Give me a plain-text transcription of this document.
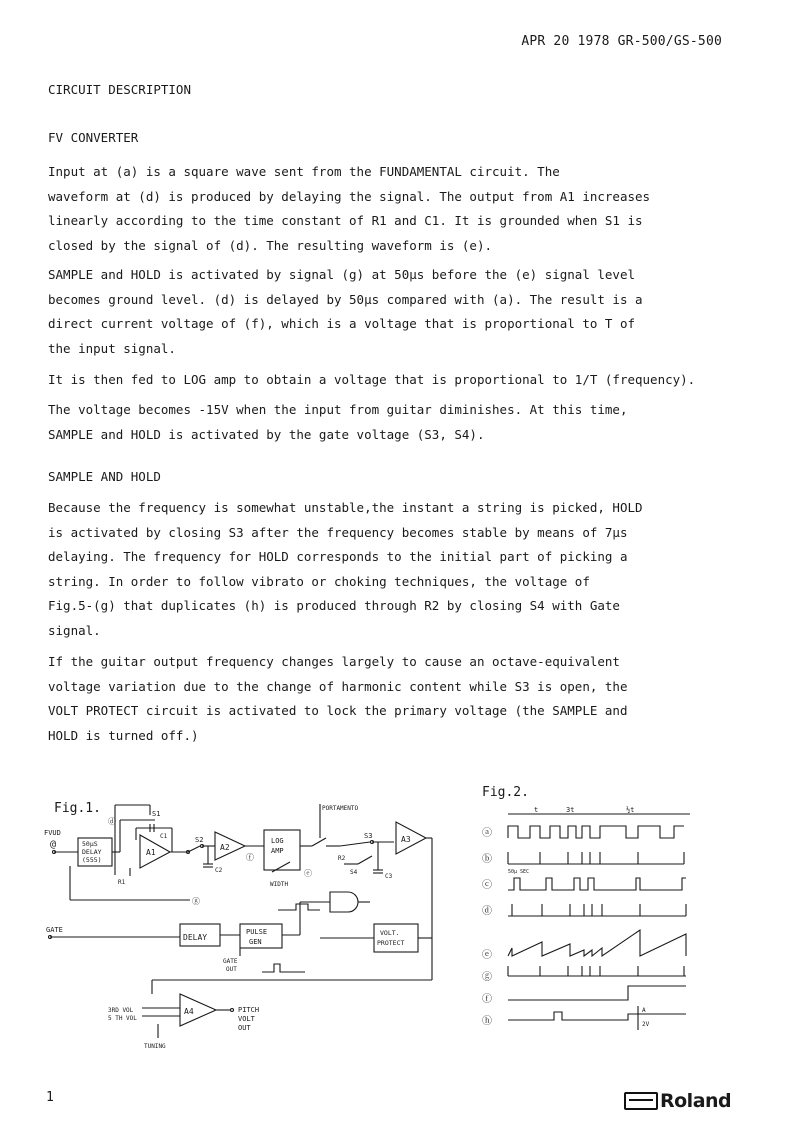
APR 20 1978 GR-500/GS-500
CIRCUIT DESCRIPTION
FV CONVERTER

Input at (a) is a square wave sent from the FUNDAMENTAL circuit. The
waveform at (d) is produced by delaying the signal. The output from A1 increases
linearly according to the time constant of R1 and C1. It is grounded when S1 is
closed by the signal of (d). The resulting waveform is (e).

SAMPLE and HOLD is activated by signal (g) at 50µs before the (e) signal level
becomes ground level. (d) is delayed by 50µs compared with (a). The result is a
direct current voltage of (f), which is a voltage that is proportional to T of
the input signal.

It is then fed to LOG amp to obtain a voltage that is proportional to 1/T (frequency).

The voltage becomes -15V when the input from guitar diminishes. At this time,
SAMPLE and HOLD is activated by the gate voltage (S3, S4).

SAMPLE AND HOLD

Because the frequency is somewhat unstable,the instant a string is picked, HOLD
is activated by closing S3 after the frequency becomes stable by means of 7µs
delaying. The frequency for HOLD corresponds to the initial part of picking a
string. In order to follow vibrato or choking techniques, the voltage of
Fig.5-(g) that duplicates (h) is produced through R2 by closing S4 with Gate
signal.

If the guitar output frequency changes largely to cause an octave-equivalent
voltage variation due to the change of harmonic content while S3 is open, the
VOLT PROTECT circuit is activated to lock the primary voltage (the SAMPLE and
HOLD is turned off.)

Fig.1.
FVUD
@	50µS
DELAY
(555)
ⓓ
S1
C1
A1
R1
S2
C2
A2
ⓕ
LOG
AMP
WIDTH
ⓔ
PORTAMENTO
S3
R2
S4
C3
A3
ⓖ
GATE
DELAY
PULSE
GEN
GATE
OUT
VOLT.
PROTECT
3RD VOL
5 TH VOL
A4	PITCH
VOLT
OUT
TUNING
Fig.2.
t	3t	½t
ⓐ
ⓑ
ⓒ
50µ SEC
ⓓ
ⓔ
ⓖ
ⓕ
ⓗ
A
2V
1	Roland
